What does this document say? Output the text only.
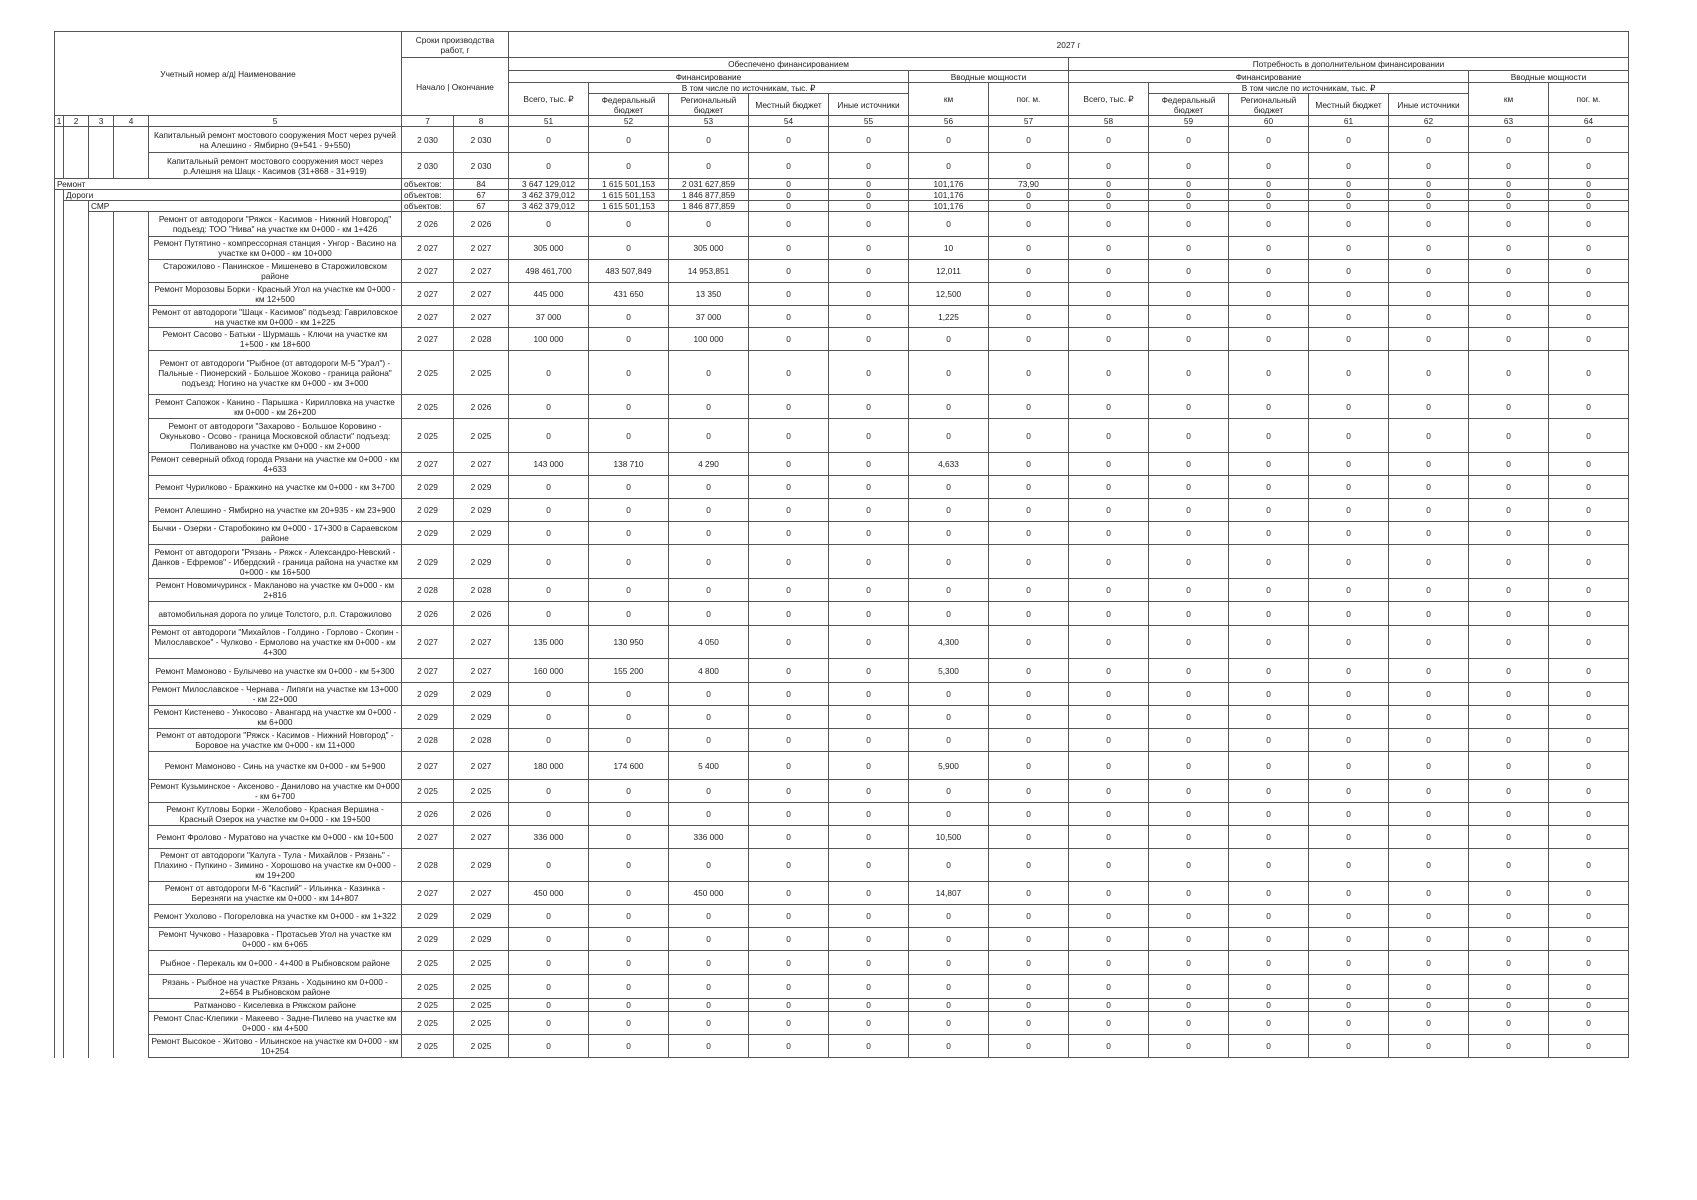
Учетный номер а/д| Наименование					Сроки производства работ, г		2027 г													
					Начало | Окончание		Обеспечено финансированием							Потребность в дополнительном финансировании						
							Финансирование					Вводные мощности		Финансирование					Вводные мощности	
							Всего, тыс. ₽	В том числе по источникам, тыс. ₽				км	пог. м.	Всего, тыс. ₽	В том числе по источникам, тыс. ₽				км	пог. м.
								Федеральный бюджет	Региональный бюджет	Местный бюджет	Иные источники				Федеральный бюджет	Региональный бюджет	Местный бюджет	Иные источники		
1	2	3	4	5	7	8	51	52	53	54	55	56	57	58	59	60	61	62	63	64
				Капитальный ремонт мостового сооружения Мост через ручей на Алешино - Ямбирно (9+541 - 9+550)	2 030	2 030	0	0	0	0	0	0	0	0	0	0	0	0	0	0
				Капитальный ремонт мостового сооружения мост через р.Алешня на Шацк - Касимов (31+868 - 31+919)	2 030	2 030	0	0	0	0	0	0	0	0	0	0	0	0	0	0
Ремонт					объектов:	84	3 647 129,012	1 615 501,153	2 031 627,859	0	0	101,176	73,90	0	0	0	0	0	0	0
	Дороги				объектов:	67	3 462 379,012	1 615 501,153	1 846 877,859	0	0	101,176	0	0	0	0	0	0	0	0
		СМР			объектов:	67	3 462 379,012	1 615 501,153	1 846 877,859	0	0	101,176	0	0	0	0	0	0	0	0
				Ремонт от автодороги "Ряжск - Касимов - Нижний Новгород" подъезд: ТОО "Нива" на участке км 0+000 - км 1+426	2 026	2 026	0	0	0	0	0	0	0	0	0	0	0	0	0	0
				Ремонт Путятино - компрессорная станция - Унгор - Васино на участке км 0+000 - км 10+000	2 027	2 027	305 000	0	305 000	0	0	10	0	0	0	0	0	0	0	0
				Старожилово - Панинское - Мишенево в Старожиловском районе	2 027	2 027	498 461,700	483 507,849	14 953,851	0	0	12,011	0	0	0	0	0	0	0	0
				Ремонт Морозовы Борки - Красный Угол на участке км 0+000 - км 12+500	2 027	2 027	445 000	431 650	13 350	0	0	12,500	0	0	0	0	0	0	0	0
				Ремонт от автодороги "Шацк - Касимов" подъезд: Гавриловское на участке км 0+000 - км 1+225	2 027	2 027	37 000	0	37 000	0	0	1,225	0	0	0	0	0	0	0	0
				Ремонт Сасово - Батьки - Шурмашь - Ключи на участке км 1+500 - км 18+600	2 027	2 028	100 000	0	100 000	0	0	0	0	0	0	0	0	0	0	0
				Ремонт от автодороги "Рыбное (от автодороги М-5 "Урал") - Пальные - Пионерский - Большое Жоково - граница района" подъезд: Ногино на участке км 0+000 - км 3+000	2 025	2 025	0	0	0	0	0	0	0	0	0	0	0	0	0	0
				Ремонт Сапожок - Канино - Парышка - Кирилловка на участке км 0+000 - км 26+200	2 025	2 026	0	0	0	0	0	0	0	0	0	0	0	0	0	0
				Ремонт от автодороги "Захарово - Большое Коровино - Окуньково - Осово - граница Московской области" подъезд: Поливаново на участке км 0+000 - км 2+000	2 025	2 025	0	0	0	0	0	0	0	0	0	0	0	0	0	0
				Ремонт северный обход города Рязани на участке км 0+000 - км 4+633	2 027	2 027	143 000	138 710	4 290	0	0	4,633	0	0	0	0	0	0	0	0
				Ремонт Чурилково - Бражкино на участке км 0+000 - км 3+700	2 029	2 029	0	0	0	0	0	0	0	0	0	0	0	0	0	0
				Ремонт Алешино - Ямбирно на участке км 20+935 - км 23+900	2 029	2 029	0	0	0	0	0	0	0	0	0	0	0	0	0	0
				Бычки - Озерки - Старобокино км 0+000 - 17+300 в Сараевском районе	2 029	2 029	0	0	0	0	0	0	0	0	0	0	0	0	0	0
				Ремонт от автодороги "Рязань - Ряжск - Александро-Невский - Данков - Ефремов" - Ибердский - граница района на участке км 0+000 - км 16+500	2 029	2 029	0	0	0	0	0	0	0	0	0	0	0	0	0	0
				Ремонт Новомичуринск - Макланово на участке км 0+000 - км 2+816	2 028	2 028	0	0	0	0	0	0	0	0	0	0	0	0	0	0
				автомобильная дорога по улице Толстого, р.п. Старожилово	2 026	2 026	0	0	0	0	0	0	0	0	0	0	0	0	0	0
				Ремонт от автодороги "Михайлов - Голдино - Горлово - Скопин - Милославское" - Чулково - Ермолово на участке км 0+000 - км 4+300	2 027	2 027	135 000	130 950	4 050	0	0	4,300	0	0	0	0	0	0	0	0
				Ремонт Мамоново - Булычево на участке км 0+000 - км 5+300	2 027	2 027	160 000	155 200	4 800	0	0	5,300	0	0	0	0	0	0	0	0
				Ремонт Милославское - Чернава - Липяги на участке км 13+000 - км 22+000	2 029	2 029	0	0	0	0	0	0	0	0	0	0	0	0	0	0
				Ремонт Кистенево - Ункосово - Авангард на участке км 0+000 - км 6+000	2 029	2 029	0	0	0	0	0	0	0	0	0	0	0	0	0	0
				Ремонт от автодороги "Ряжск - Касимов - Нижний Новгород" - Боровое на участке км 0+000 - км 11+000	2 028	2 028	0	0	0	0	0	0	0	0	0	0	0	0	0	0
				Ремонт Мамоново - Синь на участке км 0+000 - км 5+900	2 027	2 027	180 000	174 600	5 400	0	0	5,900	0	0	0	0	0	0	0	0
				Ремонт Кузьминское - Аксеново - Данилово на участке км 0+000 - км 6+700	2 025	2 025	0	0	0	0	0	0	0	0	0	0	0	0	0	0
				Ремонт Кутловы Борки - Желобово - Красная Вершина - Красный Озерок на участке км 0+000 - км 19+500	2 026	2 026	0	0	0	0	0	0	0	0	0	0	0	0	0	0
				Ремонт Фролово - Муратово на участке км 0+000 - км 10+500	2 027	2 027	336 000	0	336 000	0	0	10,500	0	0	0	0	0	0	0	0
				Ремонт от автодороги "Калуга - Тула - Михайлов - Рязань" - Плахино - Пупкино - Зимино - Хорошово на участке км 0+000 - км 19+200	2 028	2 029	0	0	0	0	0	0	0	0	0	0	0	0	0	0
				Ремонт от автодороги М-6 "Каспий" - Ильинка - Казинка - Березняги на участке км 0+000 - км 14+807	2 027	2 027	450 000	0	450 000	0	0	14,807	0	0	0	0	0	0	0	0
				Ремонт Ухолово - Погореловка на участке км 0+000 - км 1+322	2 029	2 029	0	0	0	0	0	0	0	0	0	0	0	0	0	0
				Ремонт Чучково - Назаровка - Протасьев Угол на участке км 0+000 - км 6+065	2 029	2 029	0	0	0	0	0	0	0	0	0	0	0	0	0	0
				Рыбное - Перекаль км 0+000 - 4+400 в Рыбновском районе	2 025	2 025	0	0	0	0	0	0	0	0	0	0	0	0	0	0
				Рязань - Рыбное на участке Рязань - Ходынино км 0+000 - 2+654 в Рыбновском районе	2 025	2 025	0	0	0	0	0	0	0	0	0	0	0	0	0	0
				Ратманово - Киселевка в Ряжском районе	2 025	2 025	0	0	0	0	0	0	0	0	0	0	0	0	0	0
				Ремонт Спас-Клепики - Макеево - Задне-Пилево на участке км 0+000 - км 4+500	2 025	2 025	0	0	0	0	0	0	0	0	0	0	0	0	0	0
				Ремонт Высокое - Житово - Ильинское на участке км 0+000 - км 10+254	2 025	2 025	0	0	0	0	0	0	0	0	0	0	0	0	0	0
